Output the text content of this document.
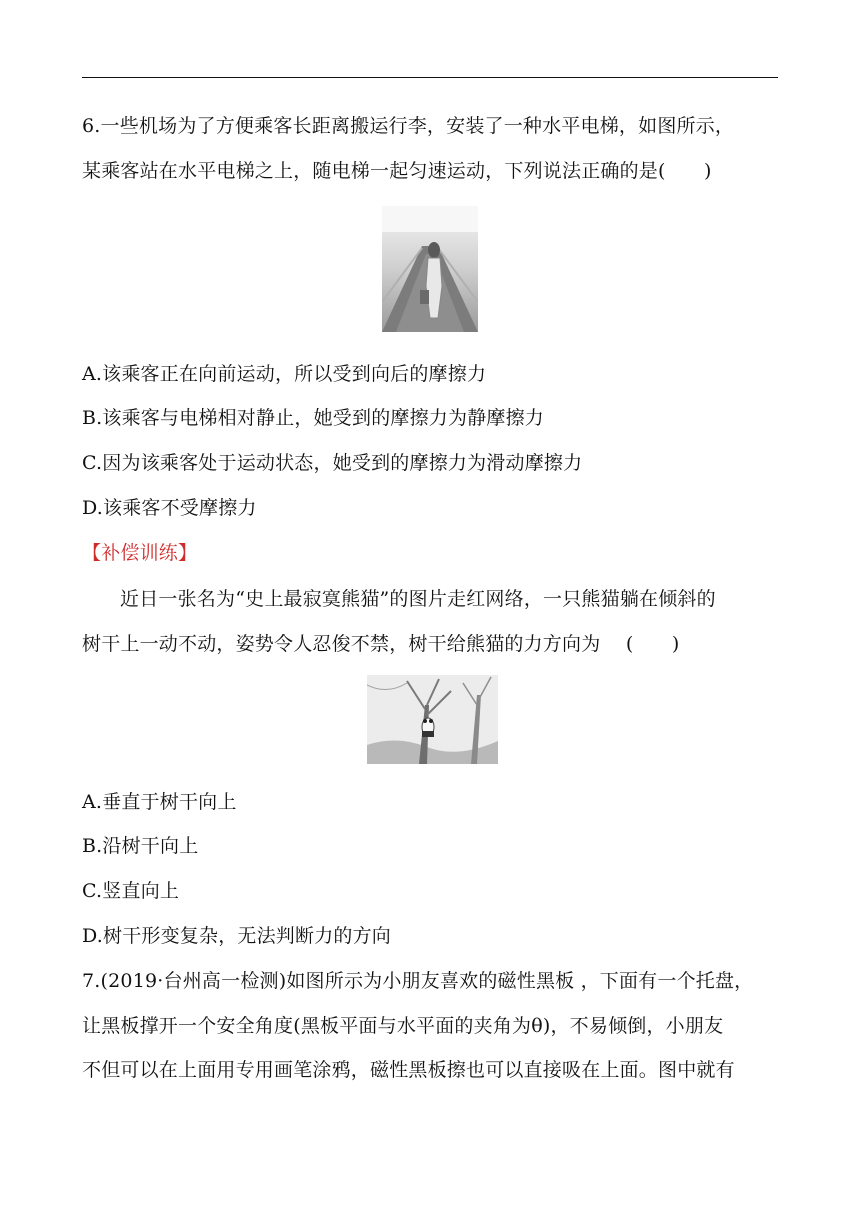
6.一些机场为了方便乘客长距离搬运行李，安装了一种水平电梯，如图所示，
某乘客站在水平电梯之上，随电梯一起匀速运动，下列说法正确的是(　　)
A.该乘客正在向前运动，所以受到向后的摩擦力
B.该乘客与电梯相对静止，她受到的摩擦力为静摩擦力
C.因为该乘客处于运动状态，她受到的摩擦力为滑动摩擦力
D.该乘客不受摩擦力
【补偿训练】
近日一张名为“史上最寂寞熊猫”的图片走红网络，一只熊猫躺在倾斜的
树干上一动不动，姿势令人忍俊不禁，树干给熊猫的力方向为　 (　　)
A.垂直于树干向上
B.沿树干向上
C.竖直向上
D.树干形变复杂，无法判断力的方向
7.(2019·台州高一检测)如图所示为小朋友喜欢的磁性黑板 ，下面有一个托盘，
让黑板撑开一个安全角度(黑板平面与水平面的夹角为θ)，不易倾倒，小朋友
不但可以在上面用专用画笔涂鸦，磁性黑板擦也可以直接吸在上面。图中就有
